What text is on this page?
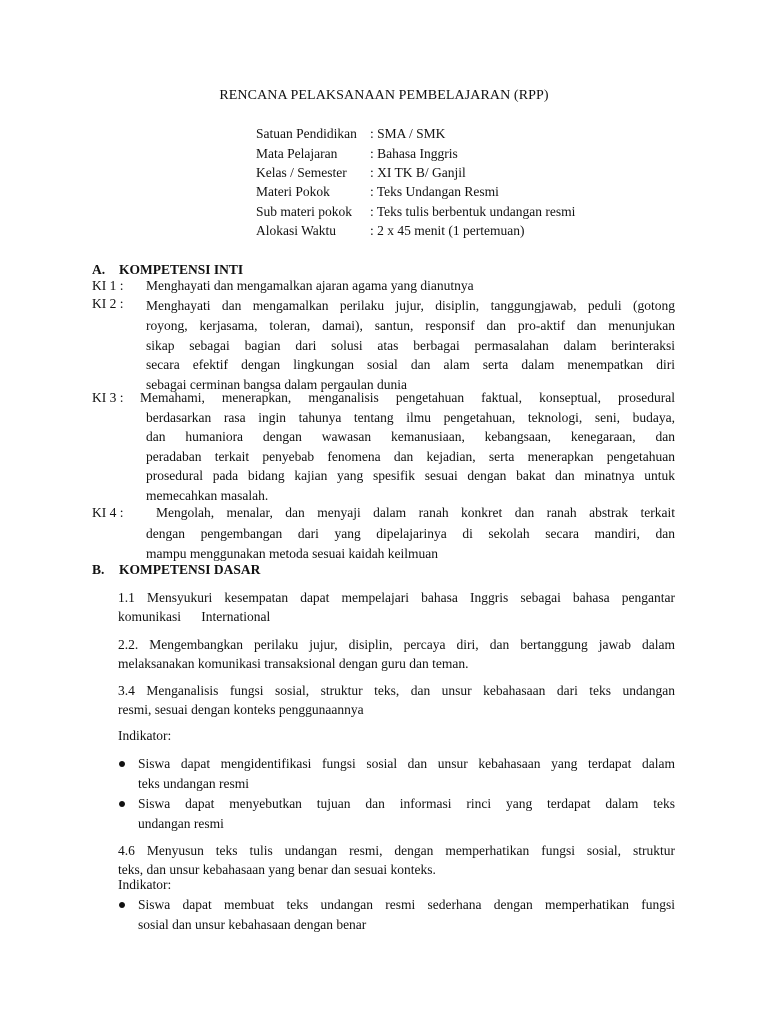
RENCANA PELAKSANAAN PEMBELAJARAN (RPP)
Satuan Pendidikan : SMA / SMK
Mata Pelajaran : Bahasa Inggris
Kelas / Semester : XI TK B/ Ganjil
Materi Pokok	: Teks Undangan Resmi
Sub materi pokok : Teks tulis berbentuk undangan resmi
Alokasi Waktu	: 2 x 45 menit (1 pertemuan)
A. KOMPETENSI INTI
KI 1 : Menghayati dan mengamalkan ajaran agama yang dianutnya
KI 2 : Menghayati dan mengamalkan perilaku jujur, disiplin, tanggungjawab, peduli (gotong
royong, kerjasama, toleran, damai), santun, responsif dan pro-aktif dan menunjukan
sikap sebagai bagian dari solusi atas berbagai permasalahan dalam berinteraksi
secara efektif dengan lingkungan sosial dan alam serta dalam menempatkan diri
sebagai cerminan bangsa dalam pergaulan dunia
KI 3 : Memahami, menerapkan, menganalisis pengetahuan faktual, konseptual, prosedural
berdasarkan rasa ingin tahunya tentang ilmu pengetahuan, teknologi, seni, budaya,
dan humaniora dengan wawasan kemanusiaan, kebangsaan, kenegaraan, dan
peradaban terkait penyebab fenomena dan kejadian, serta menerapkan pengetahuan
prosedural pada bidang kajian yang spesifik sesuai dengan bakat dan minatnya untuk
memecahkan masalah.
KI 4 : Mengolah, menalar, dan menyaji dalam ranah konkret dan ranah abstrak terkait
dengan pengembangan dari yang dipelajarinya di sekolah secara mandiri, dan
mampu menggunakan metoda sesuai kaidah keilmuan
B. KOMPETENSI DASAR
1.1 Mensyukuri kesempatan dapat mempelajari bahasa Inggris sebagai bahasa pengantar
komunikasi      International
2.2. Mengembangkan perilaku jujur, disiplin, percaya diri, dan bertanggung jawab dalam
melaksanakan komunikasi transaksional dengan guru dan teman.
3.4 Menganalisis fungsi sosial, struktur teks, dan unsur kebahasaan dari teks undangan
resmi, sesuai dengan konteks penggunaannya
Indikator:
Siswa dapat mengidentifikasi fungsi sosial dan unsur kebahasaan yang terdapat dalam
teks undangan resmi
Siswa dapat menyebutkan tujuan dan informasi rinci yang terdapat dalam teks
undangan resmi
4.6 Menyusun teks tulis undangan resmi, dengan memperhatikan fungsi sosial, struktur
teks, dan unsur kebahasaan yang benar dan sesuai konteks.
Indikator:
Siswa dapat membuat teks undangan resmi sederhana dengan memperhatikan fungsi
sosial dan unsur kebahasaan dengan benar
